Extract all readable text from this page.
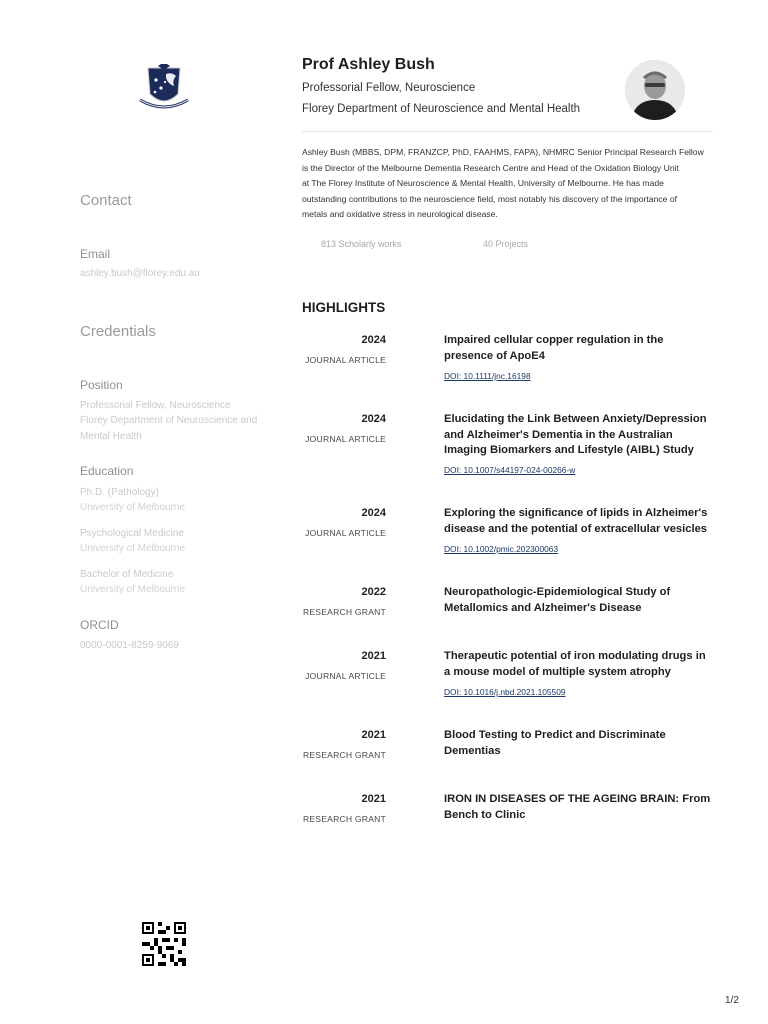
Contact
Email
ashley.bush@florey.edu.au
Credentials
Position
Professorial Fellow, Neuroscience
Florey Department of Neuroscience and
Mental Health
Education
Ph.D. (Pathology)
University of Melbourne
Psychological Medicine
University of Melbourne
Bachelor of Medicine
University of Melbourne
ORCID
0000-0001-8259-9069
Prof Ashley Bush
Professorial Fellow, Neuroscience
Florey Department of Neuroscience and Mental Health
Ashley Bush (MBBS, DPM, FRANZCP, PhD, FAAHMS, FAPA), NHMRC Senior Principal Research Fellow
is the Director of the Melbourne Dementia Research Centre and Head of the Oxidation Biology Unit
at The Florey Institute of Neuroscience & Mental Health, University of Melbourne. He has made
outstanding contributions to the neuroscience field, most notably his discovery of the importance of
metals and oxidative stress in neurological disease.
813 Scholarly works	40 Projects
HIGHLIGHTS
2024
JOURNAL ARTICLE
Impaired cellular copper regulation in the
presence of ApoE4
DOI: 10.1111/jnc.16198
2024
JOURNAL ARTICLE
Elucidating the Link Between Anxiety/Depression
and Alzheimer's Dementia in the Australian
Imaging Biomarkers and Lifestyle (AIBL) Study
DOI: 10.1007/s44197-024-00266-w
2024
JOURNAL ARTICLE
Exploring the significance of lipids in Alzheimer's
disease and the potential of extracellular vesicles
DOI: 10.1002/pmic.202300063
2022
RESEARCH GRANT
Neuropathologic-Epidemiological Study of
Metallomics and Alzheimer's Disease
2021
JOURNAL ARTICLE
Therapeutic potential of iron modulating drugs in
a mouse model of multiple system atrophy
DOI: 10.1016/j.nbd.2021.105509
2021
RESEARCH GRANT
Blood Testing to Predict and Discriminate
Dementias
2021
RESEARCH GRANT
IRON IN DISEASES OF THE AGEING BRAIN: From
Bench to Clinic
1/2
